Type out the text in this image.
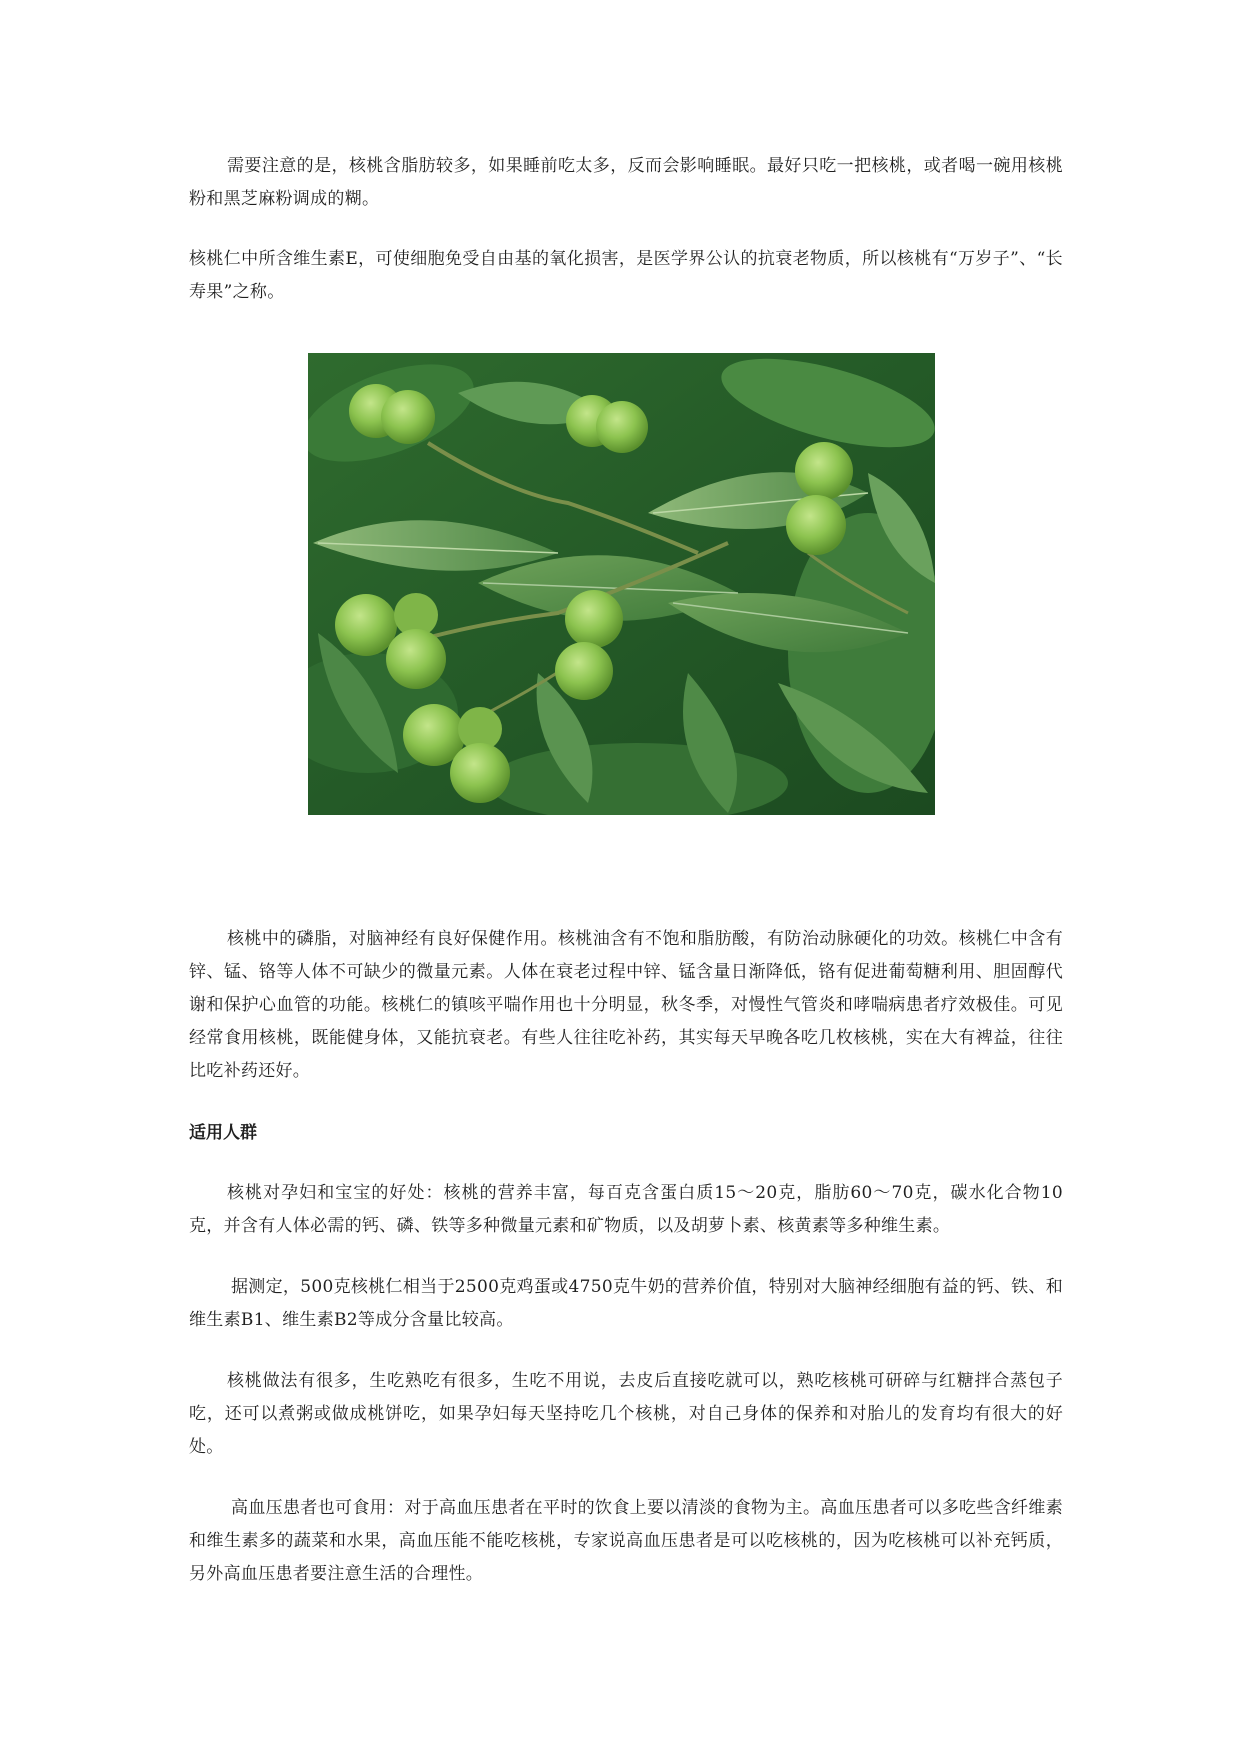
需要注意的是，核桃含脂肪较多，如果睡前吃太多，反而会影响睡眠。最好只吃一把核桃，或者喝一碗用核桃粉和黑芝麻粉调成的糊。

核桃仁中所含维生素E，可使细胞免受自由基的氧化损害，是医学界公认的抗衰老物质，所以核桃有“万岁子”、“长寿果”之称。

核桃中的磷脂，对脑神经有良好保健作用。核桃油含有不饱和脂肪酸，有防治动脉硬化的功效。核桃仁中含有锌、锰、铬等人体不可缺少的微量元素。人体在衰老过程中锌、锰含量日渐降低，铬有促进葡萄糖利用、胆固醇代谢和保护心血管的功能。核桃仁的镇咳平喘作用也十分明显，秋冬季，对慢性气管炎和哮喘病患者疗效极佳。可见经常食用核桃，既能健身体，又能抗衰老。有些人往往吃补药，其实每天早晚各吃几枚核桃，实在大有裨益，往往比吃补药还好。

适用人群

核桃对孕妇和宝宝的好处：核桃的营养丰富，每百克含蛋白质15～20克，脂肪60～70克，碳水化合物10克，并含有人体必需的钙、磷、铁等多种微量元素和矿物质，以及胡萝卜素、核黄素等多种维生素。

据测定，500克核桃仁相当于2500克鸡蛋或4750克牛奶的营养价值，特别对大脑神经细胞有益的钙、铁、和维生素B1、维生素B2等成分含量比较高。

核桃做法有很多，生吃熟吃有很多，生吃不用说，去皮后直接吃就可以，熟吃核桃可研碎与红糖拌合蒸包子吃，还可以煮粥或做成桃饼吃，如果孕妇每天坚持吃几个核桃，对自己身体的保养和对胎儿的发育均有很大的好处。

高血压患者也可食用：对于高血压患者在平时的饮食上要以清淡的食物为主。高血压患者可以多吃些含纤维素和维生素多的蔬菜和水果，高血压能不能吃核桃，专家说高血压患者是可以吃核桃的，因为吃核桃可以补充钙质，另外高血压患者要注意生活的合理性。
